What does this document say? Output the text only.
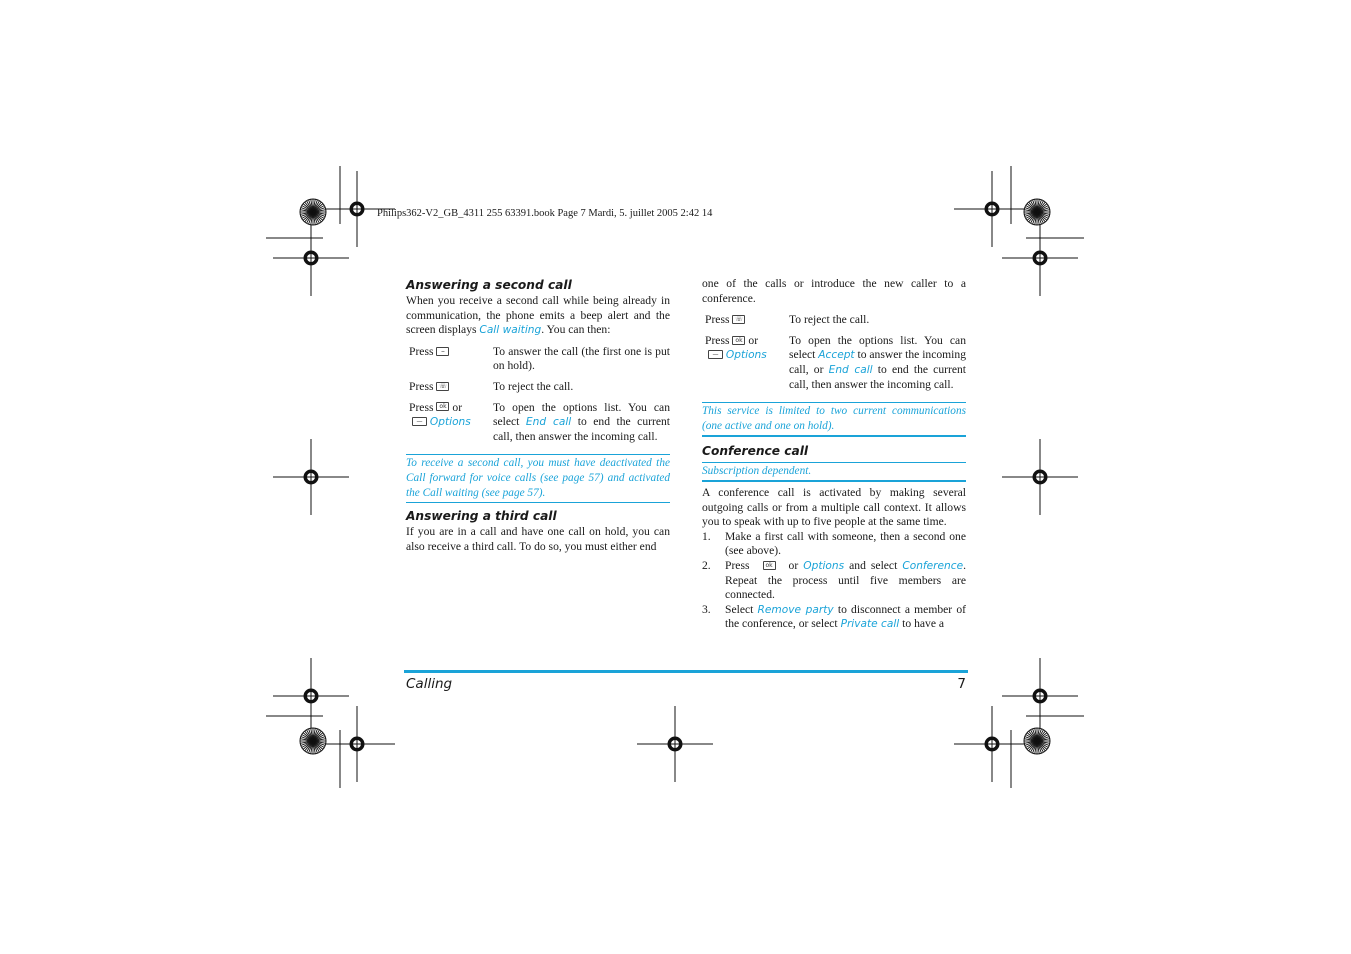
Philips362-V2_GB_4311 255 63391.book Page 7 Mardi, 5. juillet 2005 2:42 14
Answering a second call

When you receive a second call while being already in communication, the phone emits a beep alert and the screen displays Call waiting. You can then:

Press ⌣	To answer the call (the first one is put on hold).
Press ☏	To reject the call.
Press ok or
— Options	To open the options list. You can select End call to end the current call, then answer the incoming call.

To receive a second call, you must have deactivated the Call forward for voice calls (see page 57) and activated the Call waiting (see page 57).

Answering a third call

If you are in a call and have one call on hold, you can also receive a third call. To do so, you must either end

one of the calls or introduce the new caller to a conference.

Press ☏	To reject the call.
Press ok or
— Options	To open the options list. You can select Accept to answer the incoming call, or End call to end the current call, then answer the incoming call.

This service is limited to two current communications (one active and one on hold).

Conference call

Subscription dependent.

A conference call is activated by making several outgoing calls or from a multiple call context. It allows you to speak with up to five people at the same time.

1. Make a first call with someone, then a second one (see above).
2. Press	ok or Options and select Conference. Repeat the process until five members are connected.
3. Select Remove party to disconnect a member of the conference, or select Private call to have a
Calling	7
